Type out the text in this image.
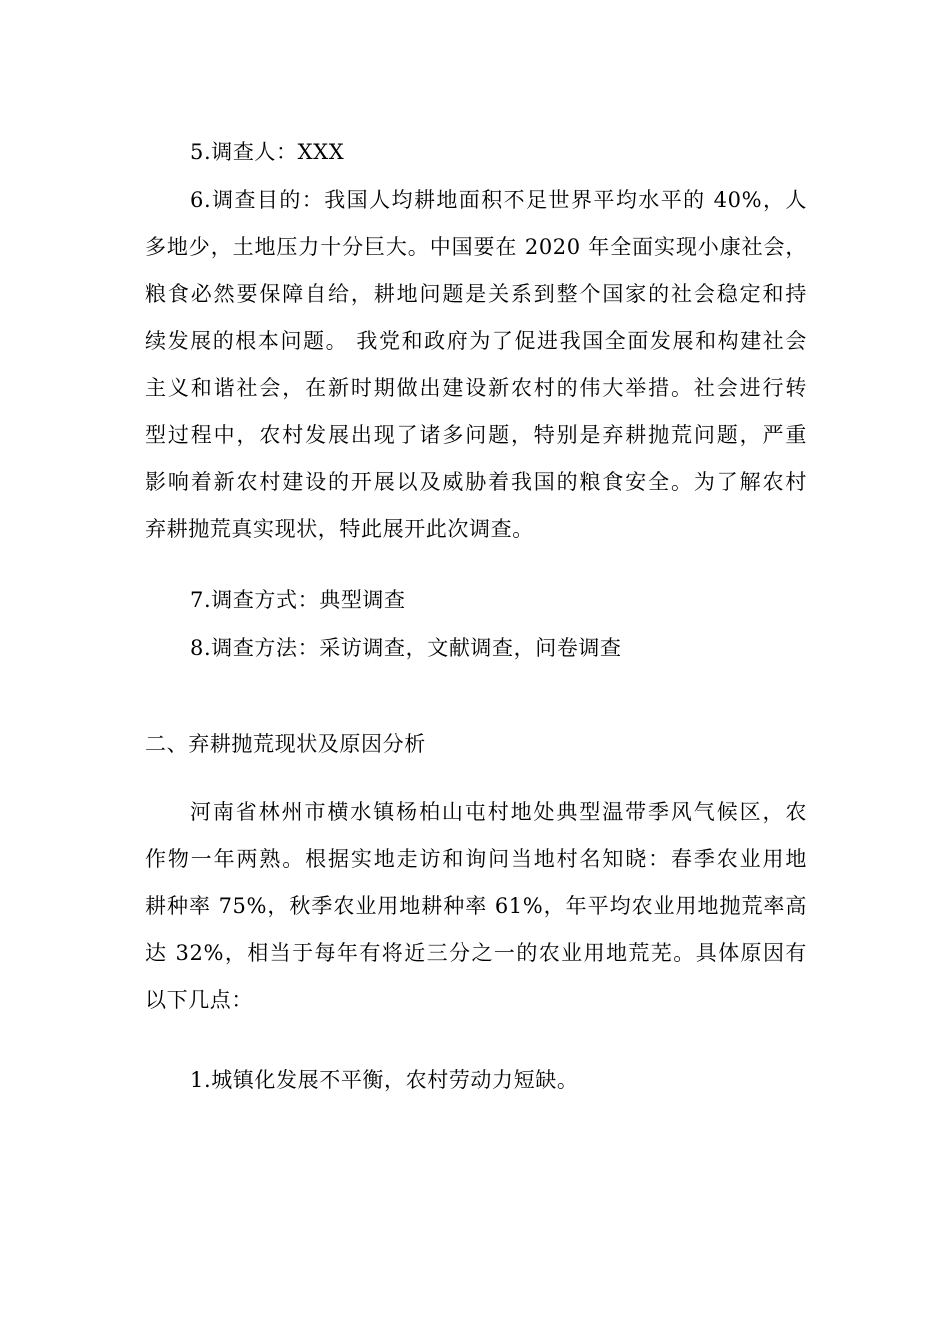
5.调查人：XXX
6.调查目的：我国人均耕地面积不足世界平均水平的 40%，人
多地少，土地压力十分巨大。中国要在 2020 年全面实现小康社会，
粮食必然要保障自给，耕地问题是关系到整个国家的社会稳定和持
续发展的根本问题。 我党和政府为了促进我国全面发展和构建社会
主义和谐社会，在新时期做出建设新农村的伟大举措。社会进行转
型过程中，农村发展出现了诸多问题，特别是弃耕抛荒问题，严重
影响着新农村建设的开展以及威胁着我国的粮食安全。为了解农村
弃耕抛荒真实现状，特此展开此次调查。
7.调查方式：典型调查
8.调查方法：采访调查，文献调查，问卷调查
二、弃耕抛荒现状及原因分析
河南省林州市横水镇杨柏山屯村地处典型温带季风气候区，农
作物一年两熟。根据实地走访和询问当地村名知晓：春季农业用地
耕种率 75%，秋季农业用地耕种率 61%，年平均农业用地抛荒率高
达 32%，相当于每年有将近三分之一的农业用地荒芜。具体原因有
以下几点：
1.城镇化发展不平衡，农村劳动力短缺。
